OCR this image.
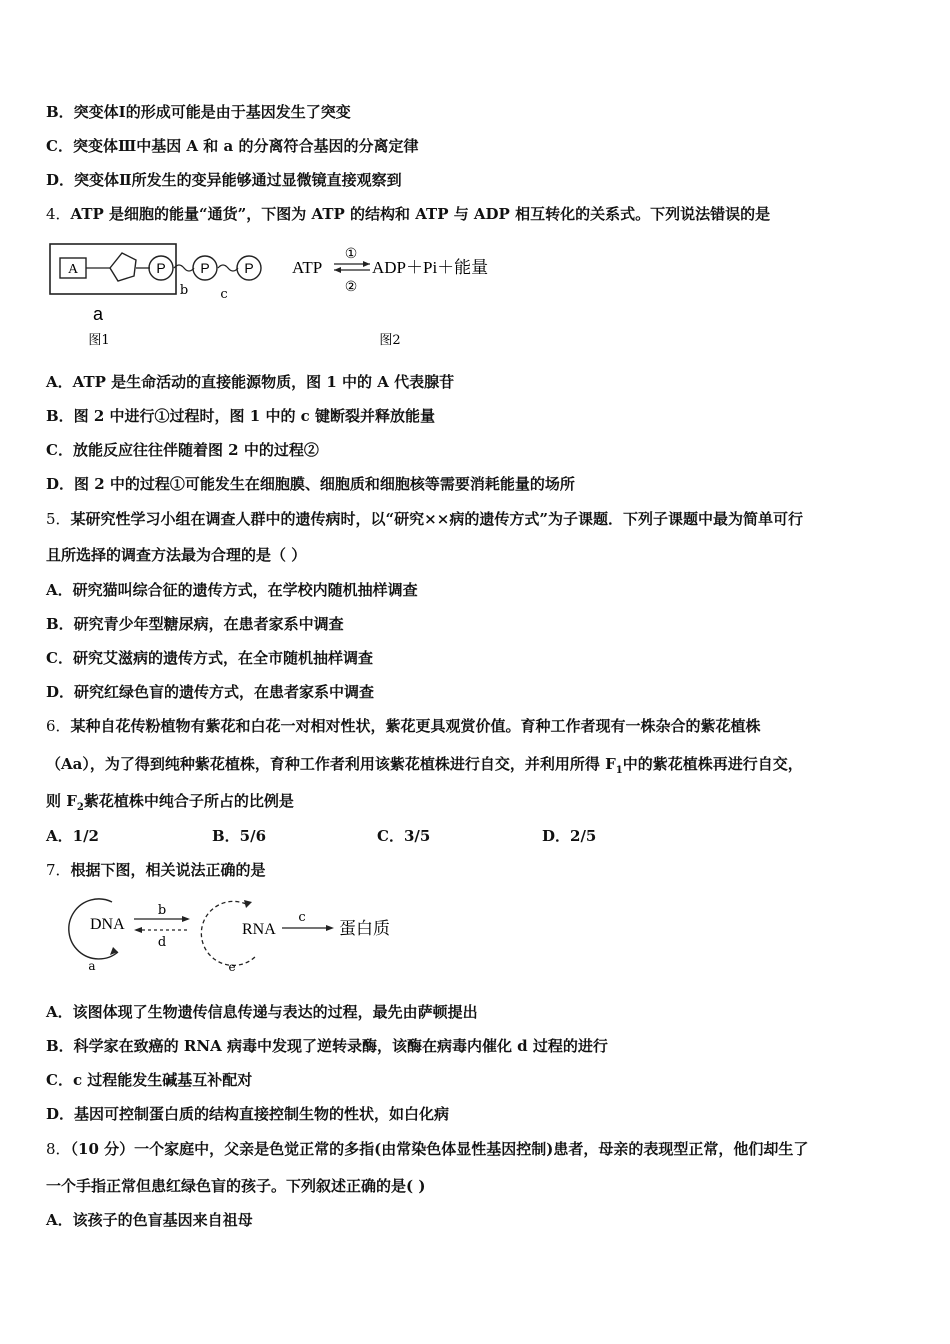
B．突变体Ⅰ的形成可能是由于基因发生了突变
C．突变体Ⅲ中基因 A 和 a 的分离符合基因的分离定律
D．突变体Ⅱ所发生的变异能够通过显微镜直接观察到
4．ATP 是细胞的能量“通货”，下图为 ATP 的结构和 ATP 与 ADP 相互转化的关系式。下列说法错误的是
A	P P P
b c
a
图1
ATP
①
②
ADP＋Pi＋能量
图2
A．ATP 是生命活动的直接能源物质，图 1 中的 A 代表腺苷
B．图 2 中进行①过程时，图 1 中的 c 键断裂并释放能量
C．放能反应往往伴随着图 2 中的过程②
D．图 2 中的过程①可能发生在细胞膜、细胞质和细胞核等需要消耗能量的场所
5．某研究性学习小组在调查人群中的遗传病时，以“研究××病的遗传方式”为子课题．下列子课题中最为简单可行
且所选择的调查方法最为合理的是（ ）
A．研究猫叫综合征的遗传方式，在学校内随机抽样调查
B．研究青少年型糖尿病，在患者家系中调查
C．研究艾滋病的遗传方式，在全市随机抽样调查
D．研究红绿色盲的遗传方式，在患者家系中调查
6．某种自花传粉植物有紫花和白花一对相对性状，紫花更具观赏价值。育种工作者现有一株杂合的紫花植株
（Aa），为了得到纯种紫花植株，育种工作者利用该紫花植株进行自交，并利用所得 $F_1$中的紫花植株再进行自交，
则 $F_2$紫花植株中纯合子所占的比例是
A．1/2	B．5/6	C．3/5	D．2/5
7．根据下图，相关说法正确的是
DNA
a
b
d
RNA
e
c
蛋白质
A．该图体现了生物遗传信息传递与表达的过程，最先由萨顿提出
B．科学家在致癌的 RNA 病毒中发现了逆转录酶，该酶在病毒内催化 d 过程的进行
C．c 过程能发生碱基互补配对
D．基因可控制蛋白质的结构直接控制生物的性状，如白化病
8．（10 分）一个家庭中，父亲是色觉正常的多指(由常染色体显性基因控制)患者，母亲的表现型正常，他们却生了
一个手指正常但患红绿色盲的孩子。下列叙述正确的是( )
A．该孩子的色盲基因来自祖母
